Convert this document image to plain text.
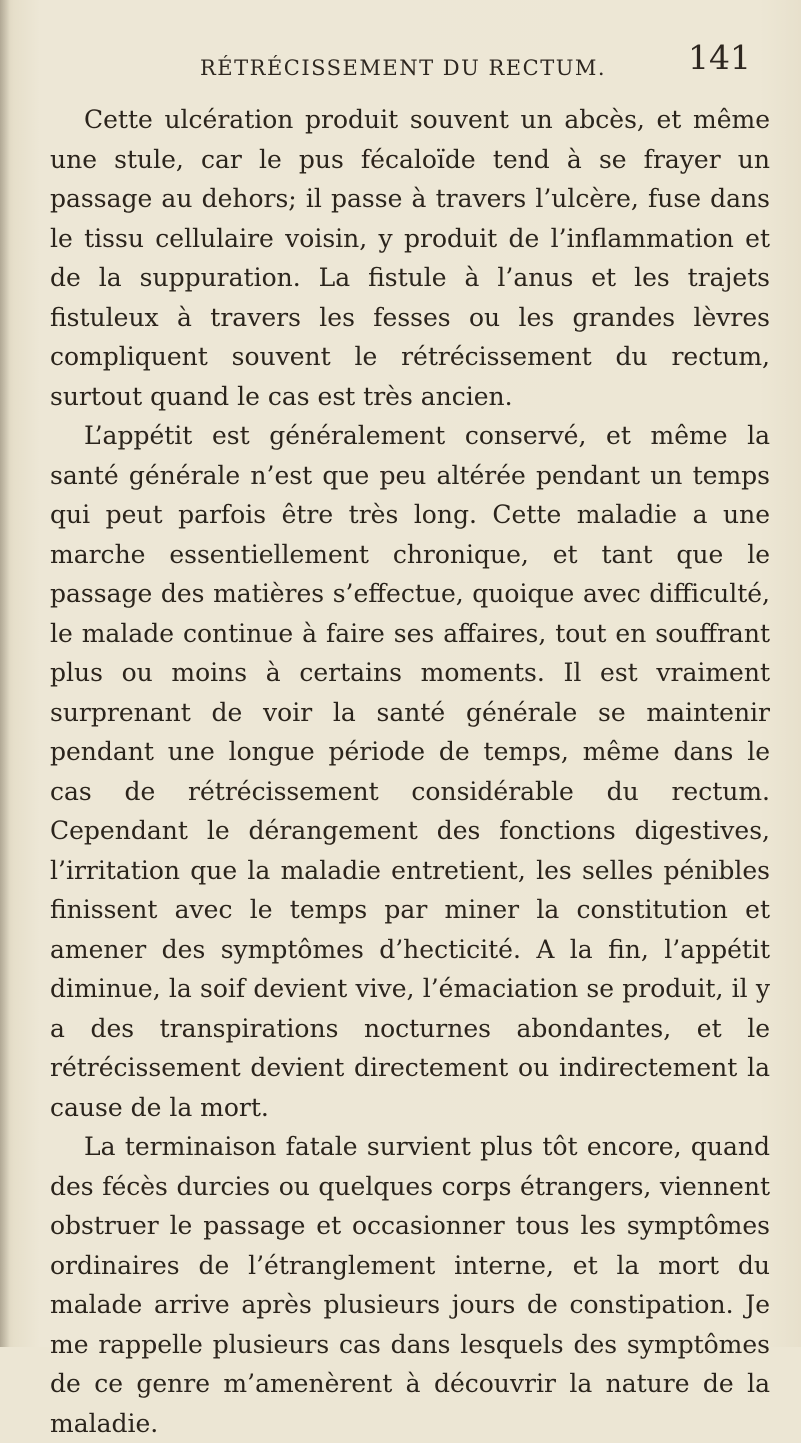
RÉTRÉCISSEMENT DU RECTUM. 141

Cette ulcération produit souvent un abcès, et même une stule, car le pus fécaloïde tend à se frayer un passage au dehors; il passe à travers l’ulcère, fuse dans le tissu cellulaire voisin, y produit de l’inflammation et de la suppuration. La fistule à l’anus et les trajets fistuleux à travers les fesses ou les grandes lèvres compliquent souvent le rétrécissement du rectum, surtout quand le cas est très ancien.

L’appétit est généralement conservé, et même la santé générale n’est que peu altérée pendant un temps qui peut parfois être très long. Cette maladie a une marche essentiellement chronique, et tant que le passage des matières s’effectue, quoique avec difficulté, le malade continue à faire ses affaires, tout en souffrant plus ou moins à certains moments. Il est vraiment surprenant de voir la santé générale se maintenir pendant une longue période de temps, même dans le cas de rétrécissement considérable du rectum. Cependant le dérangement des fonctions digestives, l’irritation que la maladie entretient, les selles pénibles finissent avec le temps par miner la constitution et amener des symptômes d’hecticité. A la fin, l’appétit diminue, la soif devient vive, l’émaciation se produit, il y a des transpirations nocturnes abondantes, et le rétrécissement devient directement ou indirectement la cause de la mort.

La terminaison fatale survient plus tôt encore, quand des fécès durcies ou quelques corps étrangers, viennent obstruer le passage et occasionner tous les symptômes ordinaires de l’étranglement interne, et la mort du malade arrive après plusieurs jours de constipation. Je me rappelle plusieurs cas dans lesquels des symptômes de ce genre m’amenèrent à découvrir la nature de la maladie.
